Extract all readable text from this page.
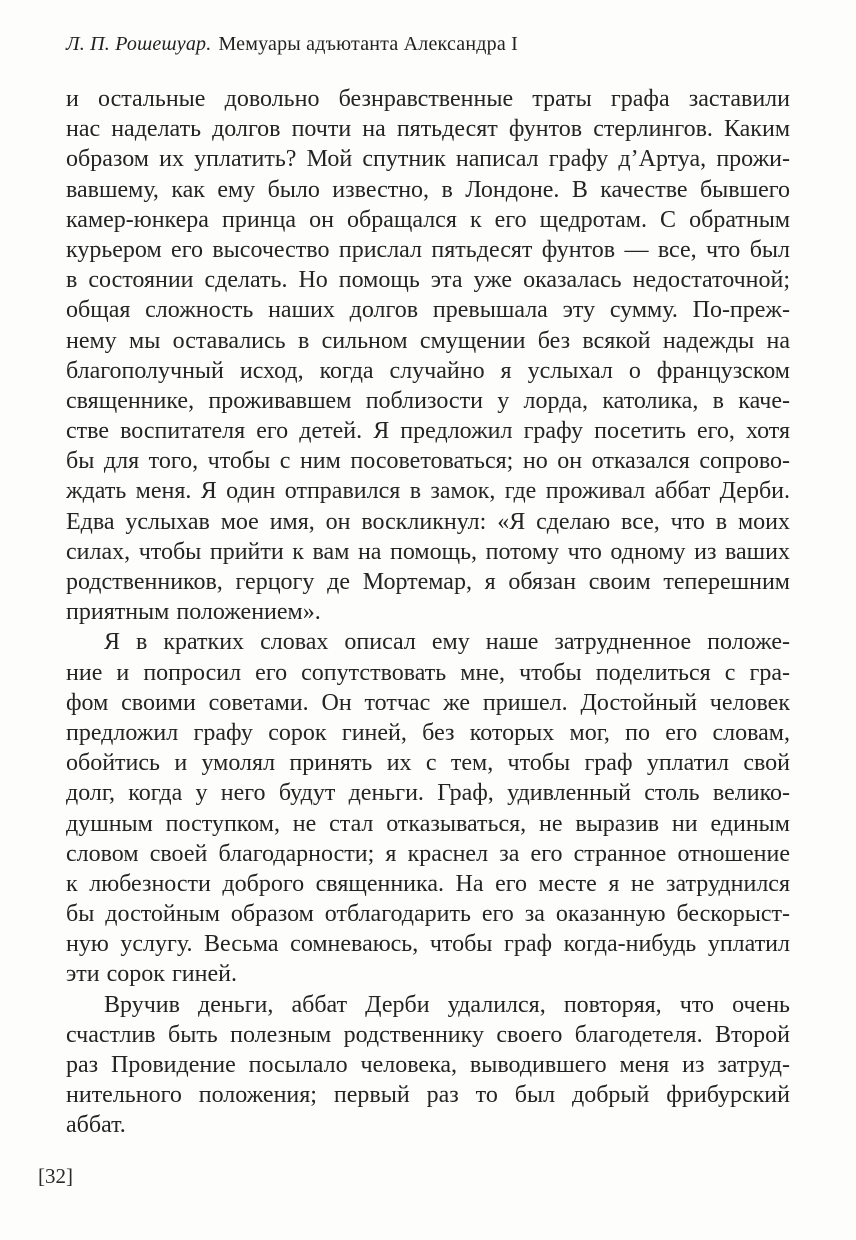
Л. П. Рошешуар. Мемуары адъютанта Александра I
и остальные довольно безнравственные траты графа заставили
нас наделать долгов почти на пятьдесят фунтов стерлингов. Каким
образом их уплатить? Мой спутник написал графу д’Артуа, прожи-
вавшему, как ему было известно, в Лондоне. В качестве бывшего
камер-юнкера принца он обращался к его щедротам. С обратным
курьером его высочество прислал пятьдесят фунтов — все, что был
в состоянии сделать. Но помощь эта уже оказалась недостаточной;
общая сложность наших долгов превышала эту сумму. По-преж-
нему мы оставались в сильном смущении без всякой надежды на
благополучный исход, когда случайно я услыхал о французском
священнике, проживавшем поблизости у лорда, католика, в каче-
стве воспитателя его детей. Я предложил графу посетить его, хотя
бы для того, чтобы с ним посоветоваться; но он отказался сопрово-
ждать меня. Я один отправился в замок, где проживал аббат Дерби.
Едва услыхав мое имя, он воскликнул: «Я сделаю все, что в моих
силах, чтобы прийти к вам на помощь, потому что одному из ваших
родственников, герцогу де Мортемар, я обязан своим теперешним
приятным положением».
Я в кратких словах описал ему наше затрудненное положе-
ние и попросил его сопутствовать мне, чтобы поделиться с гра-
фом своими советами. Он тотчас же пришел. Достойный человек
предложил графу сорок гиней, без которых мог, по его словам,
обойтись и умолял принять их с тем, чтобы граф уплатил свой
долг, когда у него будут деньги. Граф, удивленный столь велико-
душным поступком, не стал отказываться, не выразив ни единым
словом своей благодарности; я краснел за его странное отношение
к любезности доброго священника. На его месте я не затруднился
бы достойным образом отблагодарить его за оказанную бескорыст-
ную услугу. Весьма сомневаюсь, чтобы граф когда-нибудь уплатил
эти сорок гиней.
Вручив деньги, аббат Дерби удалился, повторяя, что очень
счастлив быть полезным родственнику своего благодетеля. Второй
раз Провидение посылало человека, выводившего меня из затруд-
нительного положения; первый раз то был добрый фрибурский
аббат.
[32]
